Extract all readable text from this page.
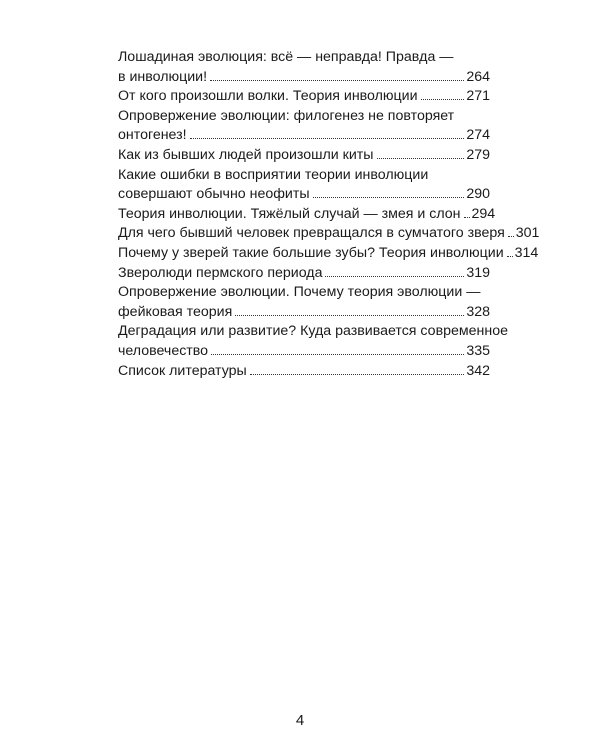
Лошадиная эволюция: всё — неправда! Правда —
в инволюции!	264
От кого произошли волки. Теория инволюции	271
Опровержение эволюции: филогенез не повторяет
онтогенез!	274
Как из бывших людей произошли киты	279
Какие ошибки в восприятии теории инволюции
совершают обычно неофиты	290
Теория инволюции. Тяжёлый случай — змея и слон 294
Для чего бывший человек превращался в сумчатого зверя 301
Почему у зверей такие большие зубы? Теория инволюции 314
Зверолюди пермского периода	319
Опровержение эволюции. Почему теория эволюции —
фейковая теория	328
Деградация или развитие? Куда развивается современное
человечество	335
Список литературы	342
4
